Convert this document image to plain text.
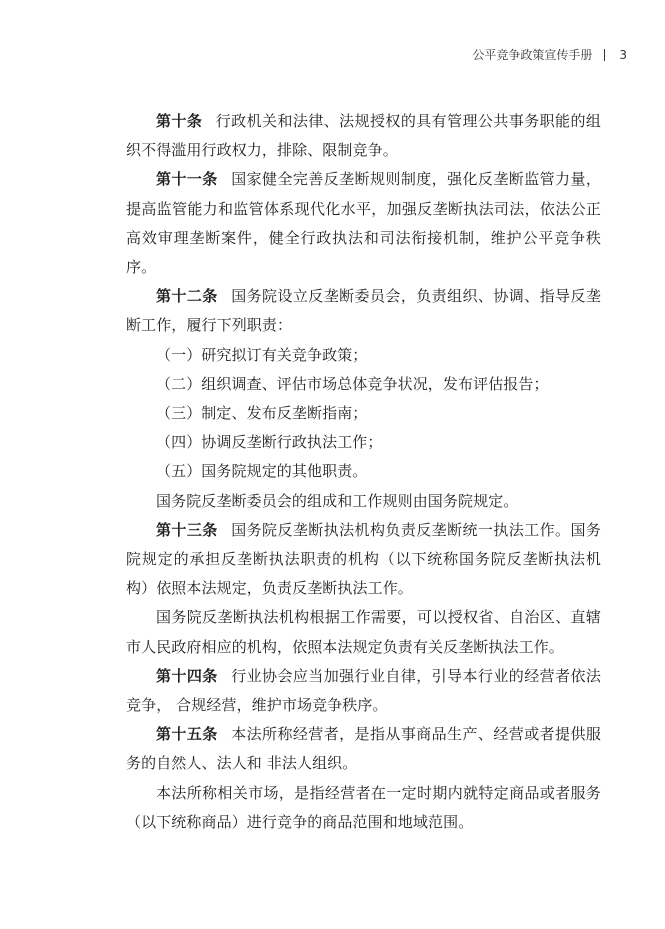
公平竞争政策宣传手册 3

第十条 行政机关和法律、法规授权的具有管理公共事务职能的组织不得滥用行政权力，排除、限制竞争。

第十一条 国家健全完善反垄断规则制度，强化反垄断监管力量，提高监管能力和监管体系现代化水平，加强反垄断执法司法，依法公正高效审理垄断案件，健全行政执法和司法衔接机制，维护公平竞争秩序。

第十二条 国务院设立反垄断委员会，负责组织、协调、指导反垄断工作，履行下列职责：

（一）研究拟订有关竞争政策；

（二）组织调查、评估市场总体竞争状况，发布评估报告；

（三）制定、发布反垄断指南；

（四）协调反垄断行政执法工作；

（五）国务院规定的其他职责。

国务院反垄断委员会的组成和工作规则由国务院规定。

第十三条 国务院反垄断执法机构负责反垄断统一执法工作。国务院规定的承担反垄断执法职责的机构（以下统称国务院反垄断执法机构）依照本法规定，负责反垄断执法工作。

国务院反垄断执法机构根据工作需要，可以授权省、自治区、直辖市人民政府相应的机构，依照本法规定负责有关反垄断执法工作。

第十四条 行业协会应当加强行业自律，引导本行业的经营者依法竞争， 合规经营，维护市场竞争秩序。

第十五条 本法所称经营者，是指从事商品生产、经营或者提供服务的自然人、法人和 非法人组织。

本法所称相关市场，是指经营者在一定时期内就特定商品或者服务（以下统称商品）进行竞争的商品范围和地域范围。
